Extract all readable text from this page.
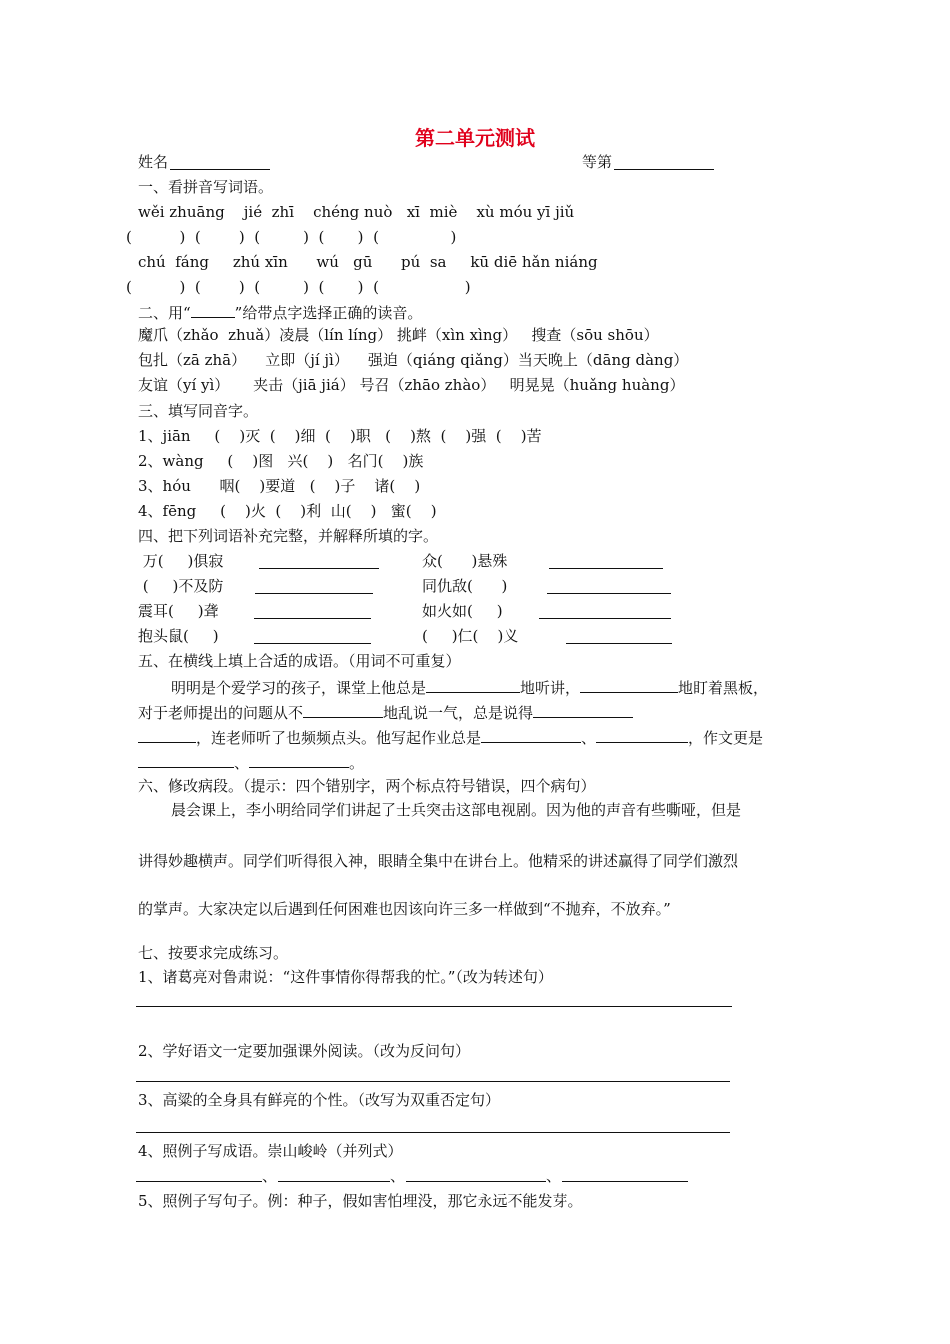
第二单元测试
姓名	等第
一、看拼音写词语。
wěi zhuāng    jié  zhī    chéng nuò   xī  miè    xù móu yī jiǔ
(          )  (        )  (         )  (       )  (               )
chú  fáng     zhú xīn      wú   gū      pú  sa     kū diē hǎn niáng
(          )  (        )  (         )  (       )  (                  )
二、用“	”给带点字选择正确的读音。
魔爪（zhǎo  zhuǎ）凌晨（lín líng） 挑衅（xìn xìng）   搜查（sōu shōu）
包扎（zā zhā）    立即（jí jì）    强迫（qiáng qiǎng）当天晚上（dāng dàng）
友谊（yí yì）     夹击（jiā jiá） 号召（zhāo zhào）   明晃晃（huǎng huàng）
三、填写同音字。
1、jiān     (    )灭  (    )细  (    )职   (    )熬  (    )强  (    )苦
2、wàng     (    )图   兴(    )   名门(    )族
3、hóu      咽(    )要道   (    )子    诸(    )
4、fēng     (    )火  (    )利  山(    )   蜜(    )
四、把下列词语补充完整，并解释所填的字。
万(     )俱寂	众(      )悬殊
(     )不及防	同仇敌(      )
震耳(     )聋	如火如(     )
抱头鼠(     )	(     )仁(    )义
五、在横线上填上合适的成语。（用词不可重复）
明明是个爱学习的孩子，课堂上他总是	地听讲，	地盯着黑板，
对于老师提出的问题从不	地乱说一气，总是说得
，连老师听了也频频点头。他写起作业总是	、	，作文更是
、	。
六、修改病段。（提示：四个错别字，两个标点符号错误，四个病句）
晨会课上，李小明给同学们讲起了士兵突击这部电视剧。因为他的声音有些嘶哑，但是
讲得妙趣横声。同学们听得很入神，眼睛全集中在讲台上。他精采的讲述赢得了同学们激烈
的掌声。大家决定以后遇到任何困难也因该向许三多一样做到“不抛弃，不放弃。”
七、按要求完成练习。
1、诸葛亮对鲁肃说：“这件事情你得帮我的忙。”（改为转述句）
2、学好语文一定要加强课外阅读。（改为反问句）
3、高粱的全身具有鲜亮的个性。（改写为双重否定句）
4、照例子写成语。崇山峻岭（并列式）
、	、	、
5、照例子写句子。例：种子，假如害怕埋没，那它永远不能发芽。
